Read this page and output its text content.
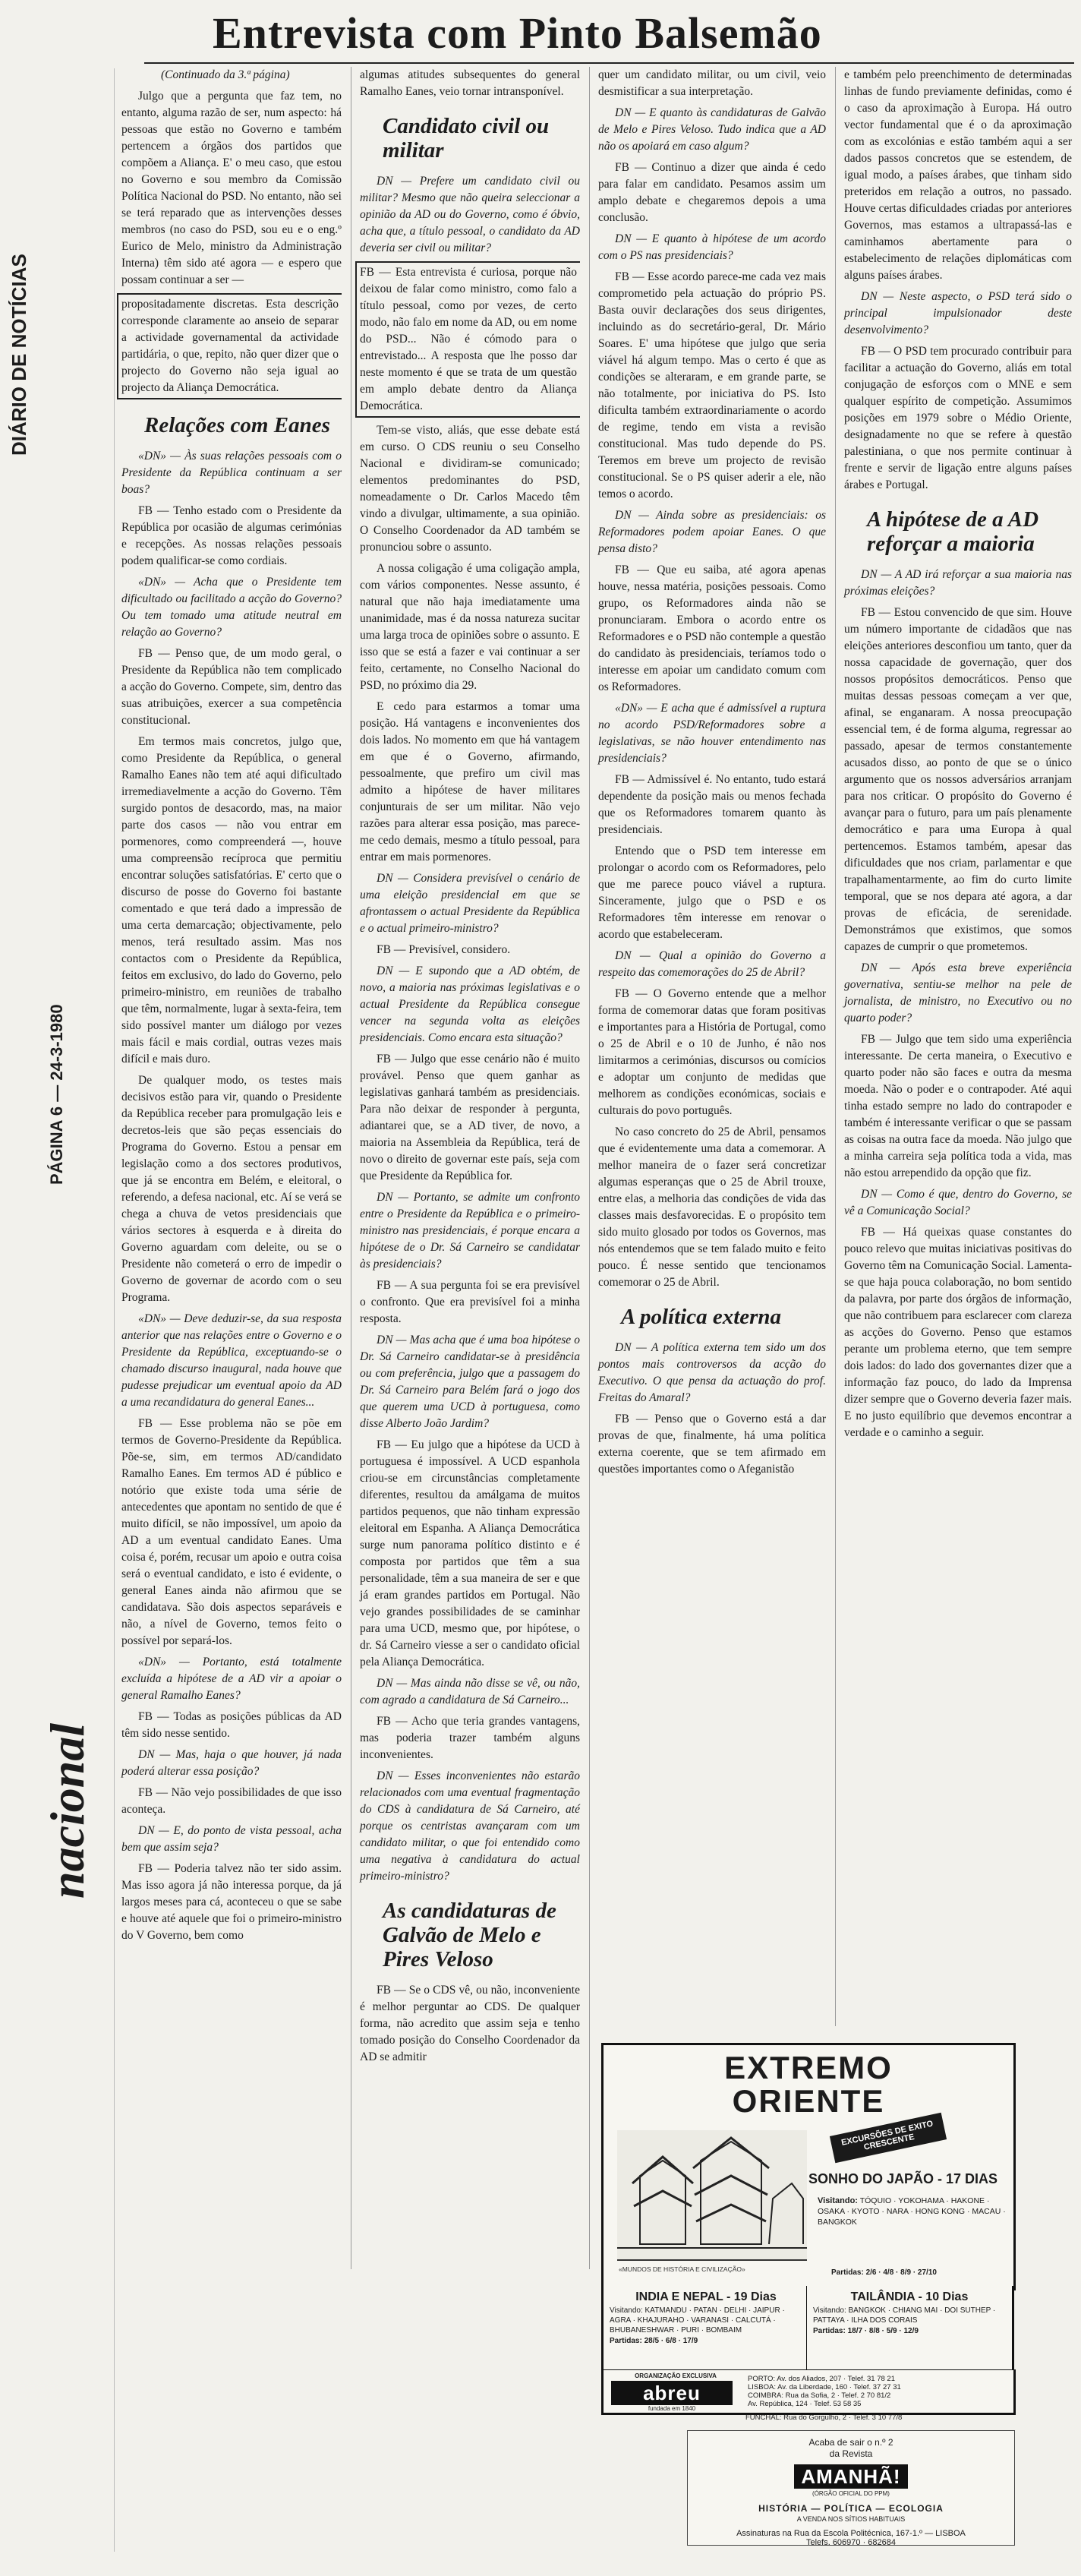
Entrevista com Pinto Balsemão
DIÁRIO DE NOTÍCIAS
PÁGINA 6 — 24-3-1980
nacional

(Continuado da 3.ª página)

Julgo que a pergunta que faz tem, no entanto, alguma razão de ser, num aspecto: há pessoas que estão no Governo e também pertencem a órgãos dos partidos que compõem a Aliança. E' o meu caso, que estou no Governo e sou membro da Comissão Política Nacional do PSD. No entanto, não sei se terá reparado que as intervenções desses membros (no caso do PSD, sou eu e o eng.º Eurico de Melo, ministro da Administração Interna) têm sido até agora — e espero que possam continuar a ser —

propositadamente discretas. Esta descrição corresponde claramente ao anseio de separar a actividade governamental da actividade partidária, o que, repito, não quer dizer que o projecto do Governo não seja igual ao projecto da Aliança Democrática.

Relações com Eanes

«DN» — Às suas relações pessoais com o Presidente da República continuam a ser boas?

FB — Tenho estado com o Presidente da República por ocasião de algumas cerimónias e recepções. As nossas relações pessoais podem qualificar-se como cordiais.

«DN» — Acha que o Presidente tem dificultado ou facilitado a acção do Governo? Ou tem tomado uma atitude neutral em relação ao Governo?

FB — Penso que, de um modo geral, o Presidente da República não tem complicado a acção do Governo. Compete, sim, dentro das suas atribuições, exercer a sua competência constitucional.

Em termos mais concretos, julgo que, como Presidente da República, o general Ramalho Eanes não tem até aqui dificultado irremediavelmente a acção do Governo. Têm surgido pontos de desacordo, mas, na maior parte dos casos — não vou entrar em pormenores, como compreenderá —, houve uma compreensão recíproca que permitiu encontrar soluções satisfatórias. E' certo que o discurso de posse do Governo foi bastante comentado e que terá dado a impressão de uma certa demarcação; objectivamente, pelo menos, terá resultado assim. Mas nos contactos com o Presidente da República, feitos em exclusivo, do lado do Governo, pelo primeiro-ministro, em reuniões de trabalho que têm, normalmente, lugar à sexta-feira, tem sido possível manter um diálogo por vezes mais fácil e mais cordial, outras vezes mais difícil e mais duro.

De qualquer modo, os testes mais decisivos estão para vir, quando o Presidente da República receber para promulgação leis e decretos-leis que são peças essenciais do Programa do Governo. Estou a pensar em legislação como a dos sectores produtivos, que já se encontra em Belém, e eleitoral, o referendo, a defesa nacional, etc. Aí se verá se chega a chuva de vetos presidenciais que vários sectores à esquerda e à direita do Governo aguardam com deleite, ou se o Presidente não cometerá o erro de impedir o Governo de governar de acordo com o seu Programa.

«DN» — Deve deduzir-se, da sua resposta anterior que nas relações entre o Governo e o Presidente da República, exceptuando-se o chamado discurso inaugural, nada houve que pudesse prejudicar um eventual apoio da AD a uma recandidatura do general Eanes...

FB — Esse problema não se põe em termos de Governo-Presidente da República. Põe-se, sim, em termos AD/candidato Ramalho Eanes. Em termos AD é público e notório que existe toda uma série de antecedentes que apontam no sentido de que é muito difícil, se não impossível, um apoio da AD a um eventual candidato Eanes. Uma coisa é, porém, recusar um apoio e outra coisa será o eventual candidato, e isto é evidente, o general Eanes ainda não afirmou que se candidatava. São dois aspectos separáveis e não, a nível de Governo, temos feito o possível por separá-los.

«DN» — Portanto, está totalmente excluída a hipótese de a AD vir a apoiar o general Ramalho Eanes?

FB — Todas as posições públicas da AD têm sido nesse sentido.

DN — Mas, haja o que houver, já nada poderá alterar essa posição?

FB — Não vejo possibilidades de que isso aconteça.

DN — E, do ponto de vista pessoal, acha bem que assim seja?

FB — Poderia talvez não ter sido assim. Mas isso agora já não interessa porque, da já largos meses para cá, aconteceu o que se sabe e houve até aquele que foi o primeiro-ministro do V Governo, bem como

algumas atitudes subsequentes do general Ramalho Eanes, veio tornar intransponível.

Candidato civil ou militar

DN — Prefere um candidato civil ou militar? Mesmo que não queira seleccionar a opinião da AD ou do Governo, como é óbvio, acha que, a título pessoal, o candidato da AD deveria ser civil ou militar?

FB — Esta entrevista é curiosa, porque não deixou de falar como ministro, como falo a título pessoal, como por vezes, de certo modo, não falo em nome da AD, ou em nome do PSD... Não é cómodo para o entrevistado... A resposta que lhe posso dar neste momento é que se trata de um questão em amplo debate dentro da Aliança Democrática.

Tem-se visto, aliás, que esse debate está em curso. O CDS reuniu o seu Conselho Nacional e dividiram-se comunicado; elementos predominantes do PSD, nomeadamente o Dr. Carlos Macedo têm vindo a divulgar, ultimamente, a sua opinião. O Conselho Coordenador da AD também se pronunciou sobre o assunto.

A nossa coligação é uma coligação ampla, com vários componentes. Nesse assunto, é natural que não haja imediatamente uma unanimidade, mas é da nossa natureza sucitar uma larga troca de opiniões sobre o assunto. E isso que se está a fazer e vai continuar a ser feito, certamente, no Conselho Nacional do PSD, no próximo dia 29.

E cedo para estarmos a tomar uma posição. Há vantagens e inconvenientes dos dois lados. No momento em que há vantagem em que é o Governo, afirmando, pessoalmente, que prefiro um civil mas admito a hipótese de haver militares conjunturais de ser um militar. Não vejo razões para alterar essa posição, mas parece-me cedo demais, mesmo a título pessoal, para entrar em mais pormenores.

DN — Considera previsível o cenário de uma eleição presidencial em que se afrontassem o actual Presidente da República e o actual primeiro-ministro?

FB — Previsível, considero.

DN — E supondo que a AD obtém, de novo, a maioria nas próximas legislativas e o actual Presidente da República consegue vencer na segunda volta as eleições presidenciais. Como encara esta situação?

FB — Julgo que esse cenário não é muito provável. Penso que quem ganhar as legislativas ganhará também as presidenciais. Para não deixar de responder à pergunta, adiantarei que, se a AD tiver, de novo, a maioria na Assembleia da República, terá de novo o direito de governar este país, seja com que Presidente da República for.

DN — Portanto, se admite um confronto entre o Presidente da República e o primeiro-ministro nas presidenciais, é porque encara a hipótese de o Dr. Sá Carneiro se candidatar às presidenciais?

FB — A sua pergunta foi se era previsível o confronto. Que era previsível foi a minha resposta.

DN — Mas acha que é uma boa hipótese o Dr. Sá Carneiro candidatar-se à presidência ou com preferência, julgo que a passagem do Dr. Sá Carneiro para Belém fará o jogo dos que querem uma UCD à portuguesa, como disse Alberto João Jardim?

FB — Eu julgo que a hipótese da UCD à portuguesa é impossível. A UCD espanhola criou-se em circunstâncias completamente diferentes, resultou da amálgama de muitos partidos pequenos, que não tinham expressão eleitoral em Espanha. A Aliança Democrática surge num panorama político distinto e é composta por partidos que têm a sua personalidade, têm a sua maneira de ser e que já eram grandes partidos em Portugal. Não vejo grandes possibilidades de se caminhar para uma UCD, mesmo que, por hipótese, o dr. Sá Carneiro viesse a ser o candidato oficial pela Aliança Democrática.

DN — Mas ainda não disse se vê, ou não, com agrado a candidatura de Sá Carneiro...

FB — Acho que teria grandes vantagens, mas poderia trazer também alguns inconvenientes.

DN — Esses inconvenientes não estarão relacionados com uma eventual fragmentação do CDS à candidatura de Sá Carneiro, até porque os centristas avançaram com um candidato militar, o que foi entendido como uma negativa à candidatura do actual primeiro-ministro?

As candidaturas de Galvão de Melo e Pires Veloso

FB — Se o CDS vê, ou não, inconveniente é melhor perguntar ao CDS. De qualquer forma, não acredito que assim seja e tenho tomado posição do Conselho Coordenador da AD se admitir

quer um candidato militar, ou um civil, veio desmistificar a sua interpretação.

DN — E quanto às candidaturas de Galvão de Melo e Pires Veloso. Tudo indica que a AD não os apoiará em caso algum?

FB — Continuo a dizer que ainda é cedo para falar em candidato. Pesamos assim um amplo debate e chegaremos depois a uma conclusão.

DN — E quanto à hipótese de um acordo com o PS nas presidenciais?

FB — Esse acordo parece-me cada vez mais comprometido pela actuação do próprio PS. Basta ouvir declarações dos seus dirigentes, incluindo as do secretário-geral, Dr. Mário Soares. E' uma hipótese que julgo que seria viável há algum tempo. Mas o certo é que as condições se alteraram, e em grande parte, se não totalmente, por iniciativa do PS. Isto dificulta também extraordinariamente o acordo de regime, tendo em vista a revisão constitucional. Mas tudo depende do PS. Teremos em breve um projecto de revisão constitucional. Se o PS quiser aderir a ele, não temos o acordo.

DN — Ainda sobre as presidenciais: os Reformadores podem apoiar Eanes. O que pensa disto?

FB — Que eu saiba, até agora apenas houve, nessa matéria, posições pessoais. Como grupo, os Reformadores ainda não se pronunciaram. Embora o acordo entre os Reformadores e o PSD não contemple a questão do candidato às presidenciais, teríamos todo o interesse em apoiar um candidato comum com os Reformadores.

«DN» — E acha que é admissível a ruptura no acordo PSD/Reformadores sobre a legislativas, se não houver entendimento nas presidenciais?

FB — Admissível é. No entanto, tudo estará dependente da posição mais ou menos fechada que os Reformadores tomarem quanto às presidenciais.

Entendo que o PSD tem interesse em prolongar o acordo com os Reformadores, pelo que me parece pouco viável a ruptura. Sinceramente, julgo que o PSD e os Reformadores têm interesse em renovar o acordo que estabeleceram.

DN — Qual a opinião do Governo a respeito das comemorações do 25 de Abril?

FB — O Governo entende que a melhor forma de comemorar datas que foram positivas e importantes para a História de Portugal, como o 25 de Abril e o 10 de Junho, é não nos limitarmos a cerimónias, discursos ou comícios e adoptar um conjunto de medidas que melhorem as condições económicas, sociais e culturais do povo português.

No caso concreto do 25 de Abril, pensamos que é evidentemente uma data a comemorar. A melhor maneira de o fazer será concretizar algumas esperanças que o 25 de Abril trouxe, entre elas, a melhoria das condições de vida das classes mais desfavorecidas. E o propósito tem sido muito glosado por todos os Governos, mas nós entendemos que se tem falado muito e feito pouco. É nesse sentido que tencionamos comemorar o 25 de Abril.

A política externa

DN — A política externa tem sido um dos pontos mais controversos da acção do Executivo. O que pensa da actuação do prof. Freitas do Amaral?

FB — Penso que o Governo está a dar provas de que, finalmente, há uma política externa coerente, que se tem afirmado em questões importantes como o Afeganistão

e também pelo preenchimento de determinadas linhas de fundo previamente definidas, como é o caso da aproximação à Europa. Há outro vector fundamental que é o da aproximação com as excolónias e estão também aqui a ser dados passos concretos que se estendem, de igual modo, a países árabes, que tinham sido preteridos em relação a outros, no passado. Houve certas dificuldades criadas por anteriores Governos, mas estamos a ultrapassá-las e caminhamos abertamente para o estabelecimento de relações diplomáticas com alguns países árabes.

DN — Neste aspecto, o PSD terá sido o principal impulsionador deste desenvolvimento?

FB — O PSD tem procurado contribuir para facilitar a actuação do Governo, aliás em total conjugação de esforços com o MNE e sem qualquer espírito de competição. Assumimos posições em 1979 sobre o Médio Oriente, designadamente no que se refere à questão palestiniana, o que nos permite continuar à frente e servir de ligação entre alguns países árabes e Portugal.

A hipótese de a AD reforçar a maioria

DN — A AD irá reforçar a sua maioria nas próximas eleições?

FB — Estou convencido de que sim. Houve um número importante de cidadãos que nas eleições anteriores desconfiou um tanto, quer da nossa capacidade de governação, quer dos nossos propósitos democráticos. Penso que muitas dessas pessoas começam a ver que, afinal, se enganaram. A nossa preocupação essencial tem, é de forma alguma, regressar ao passado, apesar de termos constantemente acusados disso, ao ponto de que se o único argumento que os nossos adversários arranjam para nos criticar. O propósito do Governo é avançar para o futuro, para um país plenamente democrático e para uma Europa à qual pertencemos. Estamos também, apesar das dificuldades que nos criam, parlamentar e que trapalhamentarmente, ao fim do curto limite temporal, que se nos depara até agora, a dar provas de eficácia, de serenidade. Demonstrámos que existimos, que somos capazes de cumprir o que prometemos.

DN — Após esta breve experiência governativa, sentiu-se melhor na pele de jornalista, de ministro, no Executivo ou no quarto poder?

FB — Julgo que tem sido uma experiência interessante. De certa maneira, o Executivo e quarto poder não são faces e outra da mesma moeda. Não o poder e o contrapoder. Até aqui tinha estado sempre no lado do contrapoder e também é interessante verificar o que se passam as coisas na outra face da moeda. Não julgo que a minha carreira seja política toda a vida, mas não estou arrependido da opção que fiz.

DN — Como é que, dentro do Governo, se vê a Comunicação Social?

FB — Há queixas quase constantes do pouco relevo que muitas iniciativas positivas do Governo têm na Comunicação Social. Lamenta-se que haja pouca colaboração, no bom sentido da palavra, por parte dos órgãos de informação, que não contribuem para esclarecer com clareza as acções do Governo. Penso que estamos perante um problema eterno, que tem sempre dois lados: do lado dos governantes dizer que a informação faz pouco, do lado da Imprensa dizer sempre que o Governo deveria fazer mais. E no justo equilíbrio que devemos encontrar a verdade e o caminho a seguir.

EXTREMO
ORIENTE
EXCURSÕES DE EXITO CRESCENTE
SONHO DO JAPÃO - 17 DIAS
Visitando: TÓQUIO · YOKOHAMA · HAKONE · OSAKA · KYOTO · NARA · HONG KONG · MACAU · BANGKOK
Partidas: 2/6 · 4/8 · 8/9 · 27/10
«MUNDOS DE HISTÓRIA E CIVILIZAÇÃO»
INDIA E NEPAL - 19 Dias
Visitando: KATMANDU · PATAN · DELHI · JAIPUR · AGRA · KHAJURAHO · VARANASI · CALCUTÁ · BHUBANESHWAR · PURI · BOMBAIM
Partidas: 28/5 · 6/8 · 17/9
TAILÂNDIA - 10 Dias
Visitando: BANGKOK · CHIANG MAI · DOI SUTHEP · PATTAYA · ILHA DOS CORAIS
Partidas: 18/7 · 8/8 · 5/9 · 12/9
ORGANIZAÇÃO EXCLUSIVA
abreu
fundada em 1840
PORTO: Av. dos Aliados, 207 · Telef. 31 78 21
LISBOA: Av. da Liberdade, 160 · Telef. 37 27 31
COIMBRA: Rua da Sofia, 2 · Telef. 2 70 81/2
Av. República, 124 · Telef. 53 58 35
FUNCHAL: Rua do Gorgulho, 2 · Telef. 3 10 77/8
Acaba de sair o n.º 2
da Revista
AMANHÃ!
(ÓRGÃO OFICIAL DO PPM)
HISTÓRIA — POLÍTICA — ECOLOGIA
A VENDA NOS SÍTIOS HABITUAIS
Assinaturas na Rua da Escola Politécnica, 167-1.º — LISBOA
Telefs. 606970 · 682684
